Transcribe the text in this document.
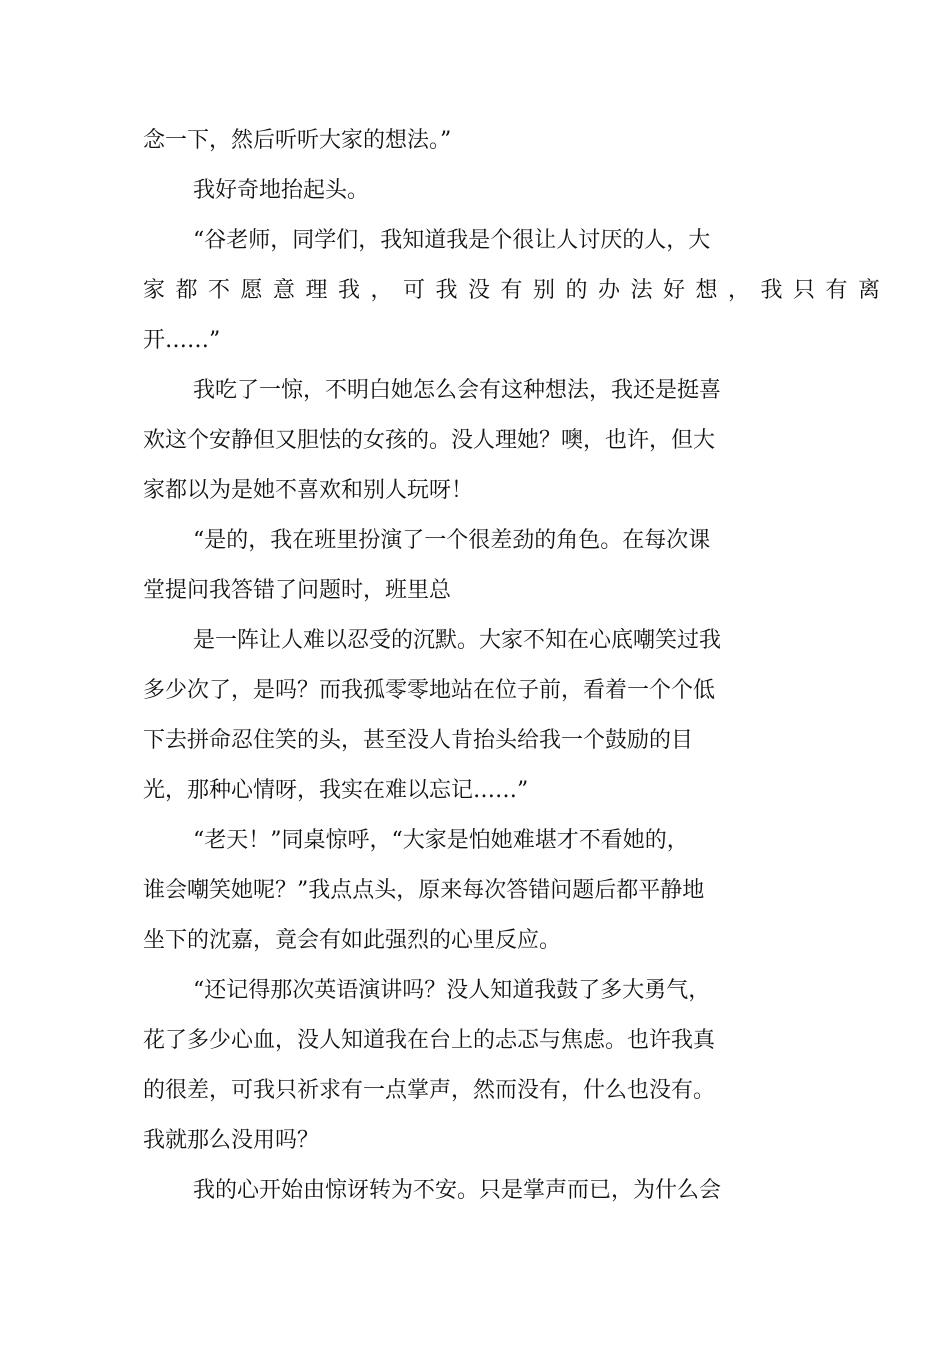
念一下，然后听听大家的想法。”
我好奇地抬起头。
“谷老师，同学们，我知道我是个很让人讨厌的人，大
家都不愿意理我，可我没有别的办法好想，我只有离
开……”
我吃了一惊，不明白她怎么会有这种想法，我还是挺喜
欢这个安静但又胆怯的女孩的。没人理她？噢，也许，但大
家都以为是她不喜欢和别人玩呀！
“是的，我在班里扮演了一个很差劲的角色。在每次课
堂提问我答错了问题时，班里总
是一阵让人难以忍受的沉默。大家不知在心底嘲笑过我
多少次了，是吗？而我孤零零地站在位子前，看着一个个低
下去拼命忍住笑的头，甚至没人肯抬头给我一个鼓励的目
光，那种心情呀，我实在难以忘记……”
“老天！”同桌惊呼，“大家是怕她难堪才不看她的，
谁会嘲笑她呢？”我点点头，原来每次答错问题后都平静地
坐下的沈嘉，竟会有如此强烈的心里反应。
“还记得那次英语演讲吗？没人知道我鼓了多大勇气，
花了多少心血，没人知道我在台上的忐忑与焦虑。也许我真
的很差，可我只祈求有一点掌声，然而没有，什么也没有。
我就那么没用吗？
我的心开始由惊讶转为不安。只是掌声而已，为什么会
